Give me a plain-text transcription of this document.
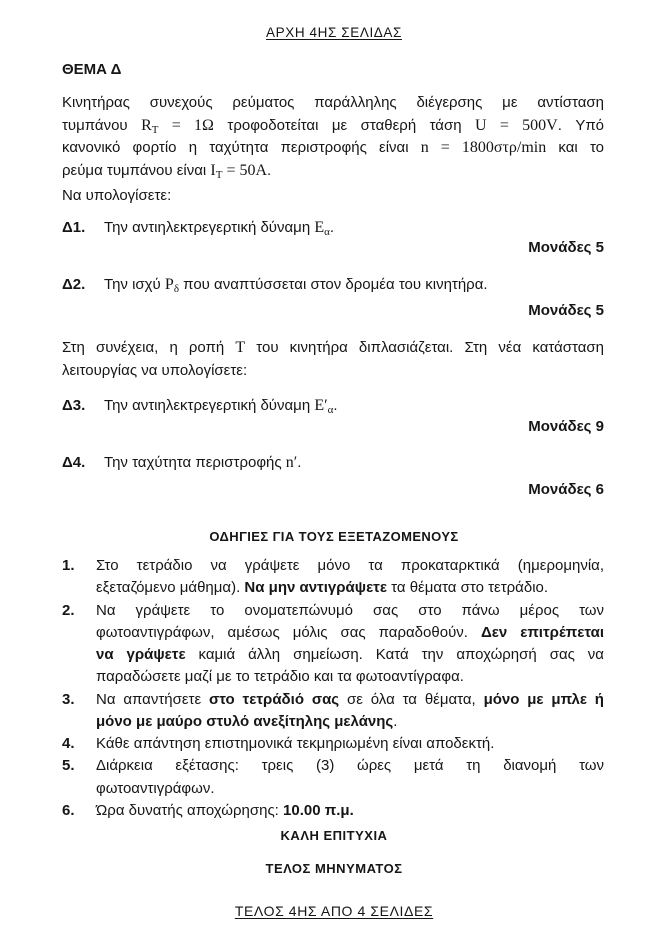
ΑΡΧΗ 4ΗΣ ΣΕΛΙΔΑΣ
ΘΕΜΑ Δ
Κινητήρας συνεχούς ρεύματος παράλληλης διέγερσης με αντίσταση
τυμπάνου $R_T = 1\Omega$ τροφοδοτείται με σταθερή τάση U = 500V. Υπό
κανονικό φορτίο η ταχύτητα περιστροφής είναι n = 1800στρ/min και το
ρεύμα τυμπάνου είναι $I_T = 50A$.
Να υπολογίσετε:
Δ1. Την αντιηλεκτρεγερτική δύναμη $E_\alpha$.
Μονάδες 5
Δ2. Την ισχύ $P_\delta$ που αναπτύσσεται στον δρομέα του κινητήρα.
Μονάδες 5
Στη συνέχεια, η ροπή T του κινητήρα διπλασιάζεται. Στη νέα κατάσταση
λειτουργίας να υπολογίσετε:
Δ3. Την αντιηλεκτρεγερτική δύναμη $E'_\alpha$.
Μονάδες 9
Δ4. Την ταχύτητα περιστροφής n′.
Μονάδες 6
ΟΔΗΓΙΕΣ ΓΙΑ ΤΟΥΣ ΕΞΕΤΑΖΟΜΕΝΟΥΣ
1. Στο τετράδιο να γράψετε μόνο τα προκαταρκτικά (ημερομηνία,
εξεταζόμενο μάθημα). Να μην αντιγράψετε τα θέματα στο τετράδιο.
2. Να γράψετε το ονοματεπώνυμό σας στο πάνω μέρος των
φωτοαντιγράφων, αμέσως μόλις σας παραδοθούν. Δεν επιτρέπεται
να γράψετε καμιά άλλη σημείωση. Κατά την αποχώρησή σας να
παραδώσετε μαζί με το τετράδιο και τα φωτοαντίγραφα.
3. Να απαντήσετε στο τετράδιό σας σε όλα τα θέματα, μόνο με μπλε ή
μόνο με μαύρο στυλό ανεξίτηλης μελάνης.
4. Κάθε απάντηση επιστημονικά τεκμηριωμένη είναι αποδεκτή.
5. Διάρκεια εξέτασης: τρεις (3) ώρες μετά τη διανομή των
φωτοαντιγράφων.
6. Ώρα δυνατής αποχώρησης: 10.00 π.μ.
ΚΑΛΗ ΕΠΙΤΥΧΙΑ
ΤΕΛΟΣ ΜΗΝΥΜΑΤΟΣ
ΤΕΛΟΣ 4ΗΣ ΑΠΟ 4 ΣΕΛΙΔΕΣ
